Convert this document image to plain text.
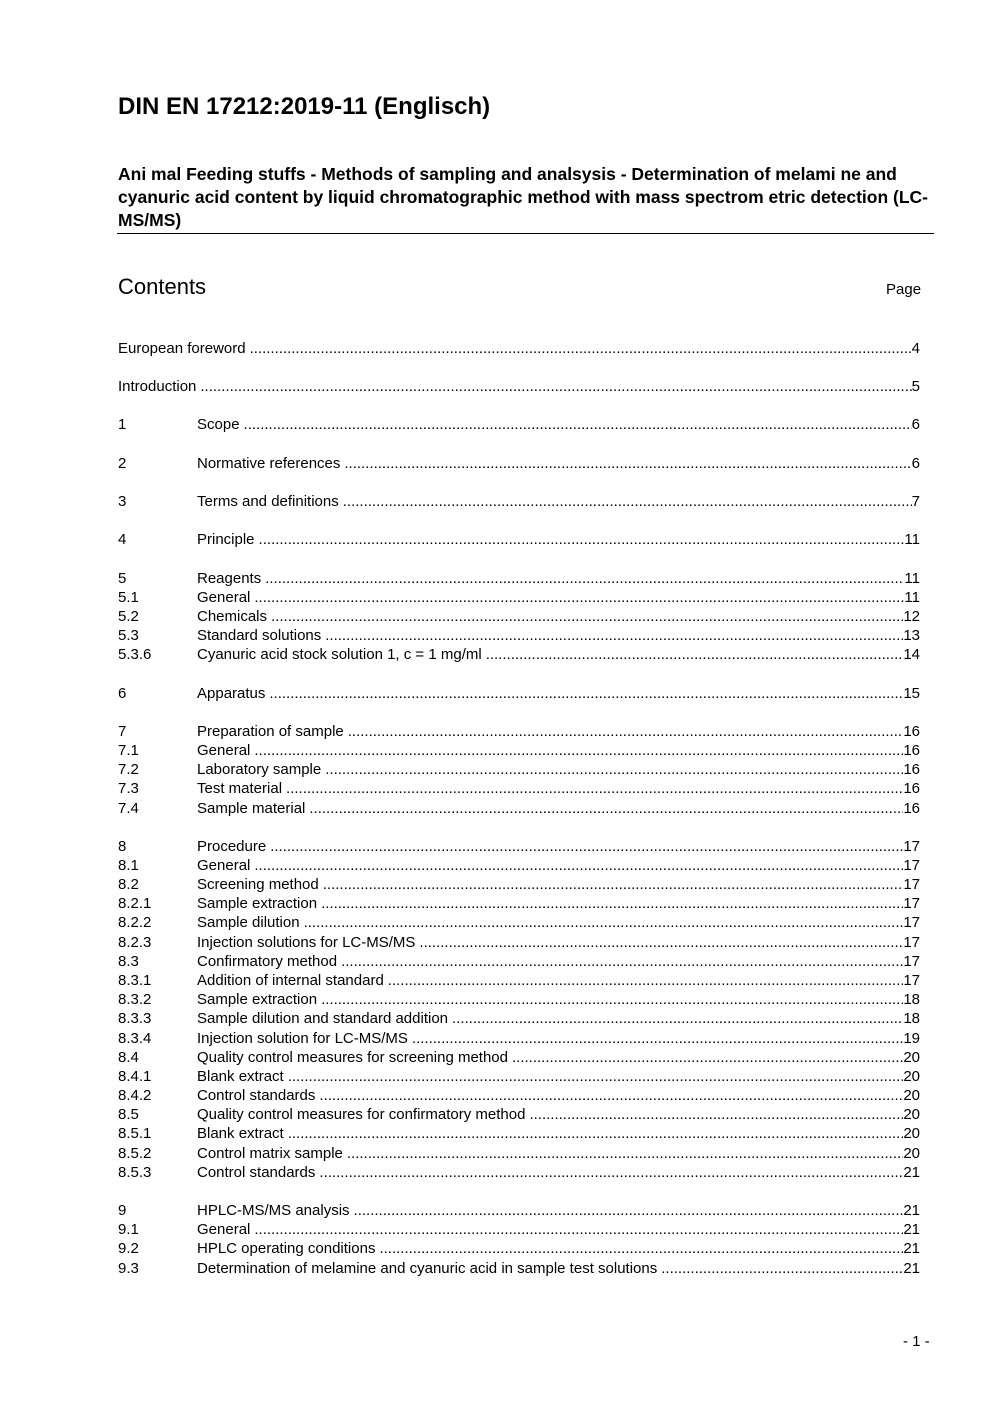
DIN EN 17212:2019-11 (Englisch)
Ani mal Feeding stuffs - Methods of sampling and analsysis - Determination of melami ne and cyanuric acid content by liquid chromatographic method with mass spectrom etric detection (LC-MS/MS)
Contents	Page
European foreword .....	4
Introduction .....	5
1	Scope .....	6
2	Normative references .....	6
3	Terms and definitions .....	7
4	Principle .....	11
5	Reagents .....	11
5.1	General .....	11
5.2	Chemicals .....	12
5.3	Standard solutions .....	13
5.3.6	Cyanuric acid stock solution 1, c = 1 mg/ml .....	14
6	Apparatus .....	15
7	Preparation of sample .....	16
7.1	General .....	16
7.2	Laboratory sample .....	16
7.3	Test material .....	16
7.4	Sample material .....	16
8	Procedure .....	17
8.1	General .....	17
8.2	Screening method .....	17
8.2.1	Sample extraction .....	17
8.2.2	Sample dilution .....	17
8.2.3	Injection solutions for LC-MS/MS .....	17
8.3	Confirmatory method .....	17
8.3.1	Addition of internal standard .....	17
8.3.2	Sample extraction .....	18
8.3.3	Sample dilution and standard addition .....	18
8.3.4	Injection solution for LC-MS/MS .....	19
8.4	Quality control measures for screening method .....	20
8.4.1	Blank extract .....	20
8.4.2	Control standards .....	20
8.5	Quality control measures for confirmatory method .....	20
8.5.1	Blank extract .....	20
8.5.2	Control matrix sample .....	20
8.5.3	Control standards .....	21
9	HPLC-MS/MS analysis .....	21
9.1	General .....	21
9.2	HPLC operating conditions .....	21
9.3	Determination of melamine and cyanuric acid in sample test solutions .....	21
- 1 -
